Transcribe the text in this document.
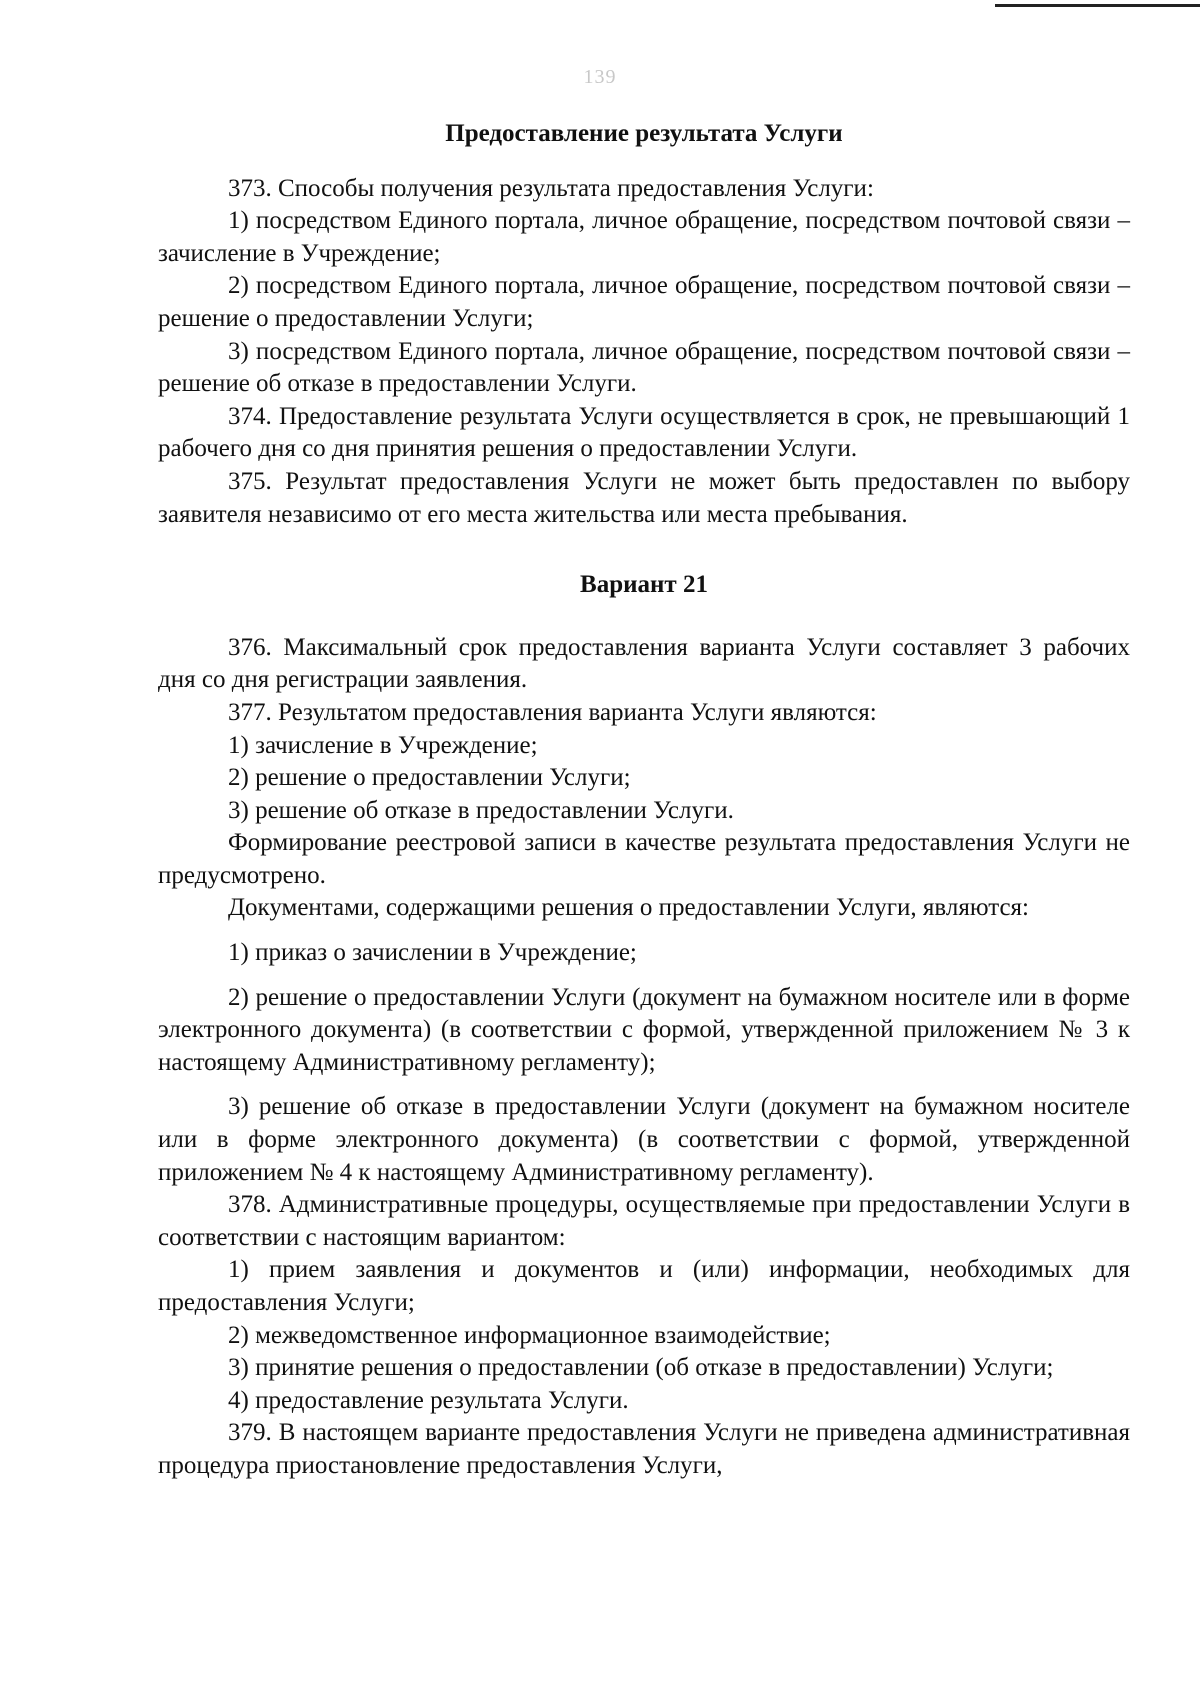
139
Предоставление результата Услуги

373. Способы получения результата предоставления Услуги:

1) посредством Единого портала, личное обращение, посредством почтовой связи – зачисление в Учреждение;

2) посредством Единого портала, личное обращение, посредством почтовой связи – решение о предоставлении Услуги;

3) посредством Единого портала, личное обращение, посредством почтовой связи – решение об отказе в предоставлении Услуги.

374. Предоставление результата Услуги осуществляется в срок, не превышающий 1 рабочего дня со дня принятия решения о предоставлении Услуги.

375. Результат предоставления Услуги не может быть предоставлен по выбору заявителя независимо от его места жительства или места пребывания.

Вариант 21

376. Максимальный срок предоставления варианта Услуги составляет 3 рабочих дня со дня регистрации заявления.

377. Результатом предоставления варианта Услуги являются:

1) зачисление в Учреждение;

2) решение о предоставлении Услуги;

3) решение об отказе в предоставлении Услуги.

Формирование реестровой записи в качестве результата предоставления Услуги не предусмотрено.

Документами, содержащими решения о предоставлении Услуги, являются:

1) приказ о зачислении в Учреждение;

2) решение о предоставлении Услуги (документ на бумажном носителе или в форме электронного документа) (в соответствии с формой, утвержденной приложением № 3 к настоящему Административному регламенту);

3) решение об отказе в предоставлении Услуги (документ на бумажном носителе или в форме электронного документа) (в соответствии с формой, утвержденной приложением № 4 к настоящему Административному регламенту).

378. Административные процедуры, осуществляемые при предоставлении Услуги в соответствии с настоящим вариантом:

1) прием заявления и документов и (или) информации, необходимых для предоставления Услуги;

2) межведомственное информационное взаимодействие;

3) принятие решения о предоставлении (об отказе в предоставлении) Услуги;

4) предоставление результата Услуги.

379. В настоящем варианте предоставления Услуги не приведена административная процедура приостановление предоставления Услуги,
